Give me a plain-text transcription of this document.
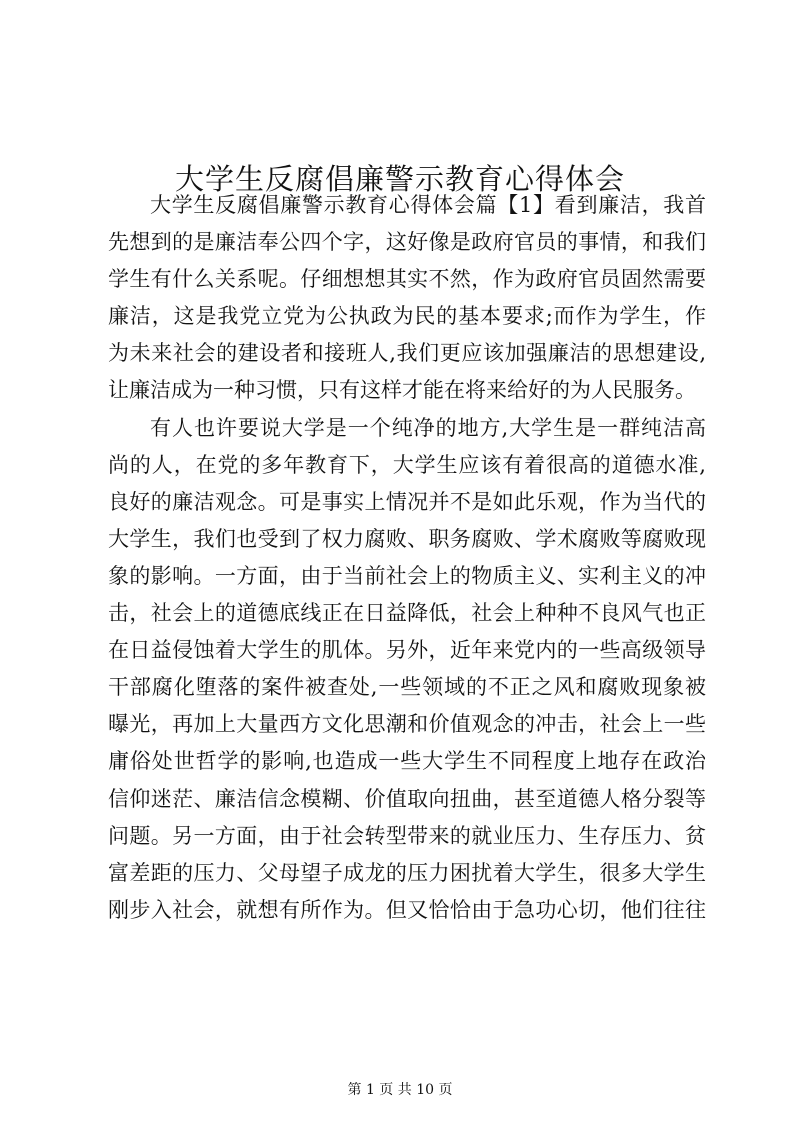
大学生反腐倡廉警示教育心得体会
大学生反腐倡廉警示教育心得体会篇【1】看到廉洁，我首
先想到的是廉洁奉公四个字，这好像是政府官员的事情，和我们
学生有什么关系呢。仔细想想其实不然，作为政府官员固然需要
廉洁，这是我党立党为公执政为民的基本要求;而作为学生，作
为未来社会的建设者和接班人,我们更应该加强廉洁的思想建设,
让廉洁成为一种习惯，只有这样才能在将来给好的为人民服务。
有人也许要说大学是一个纯净的地方,大学生是一群纯洁高
尚的人，在党的多年教育下，大学生应该有着很高的道德水准,
良好的廉洁观念。可是事实上情况并不是如此乐观，作为当代的
大学生，我们也受到了权力腐败、职务腐败、学术腐败等腐败现
象的影响。一方面，由于当前社会上的物质主义、实利主义的冲
击，社会上的道德底线正在日益降低，社会上种种不良风气也正
在日益侵蚀着大学生的肌体。另外，近年来党内的一些高级领导
干部腐化堕落的案件被查处,一些领域的不正之风和腐败现象被
曝光，再加上大量西方文化思潮和价值观念的冲击，社会上一些
庸俗处世哲学的影响,也造成一些大学生不同程度上地存在政治
信仰迷茫、廉洁信念模糊、价值取向扭曲，甚至道德人格分裂等
问题。另一方面，由于社会转型带来的就业压力、生存压力、贫
富差距的压力、父母望子成龙的压力困扰着大学生，很多大学生
刚步入社会，就想有所作为。但又恰恰由于急功心切，他们往往
第 1 页 共 10 页
